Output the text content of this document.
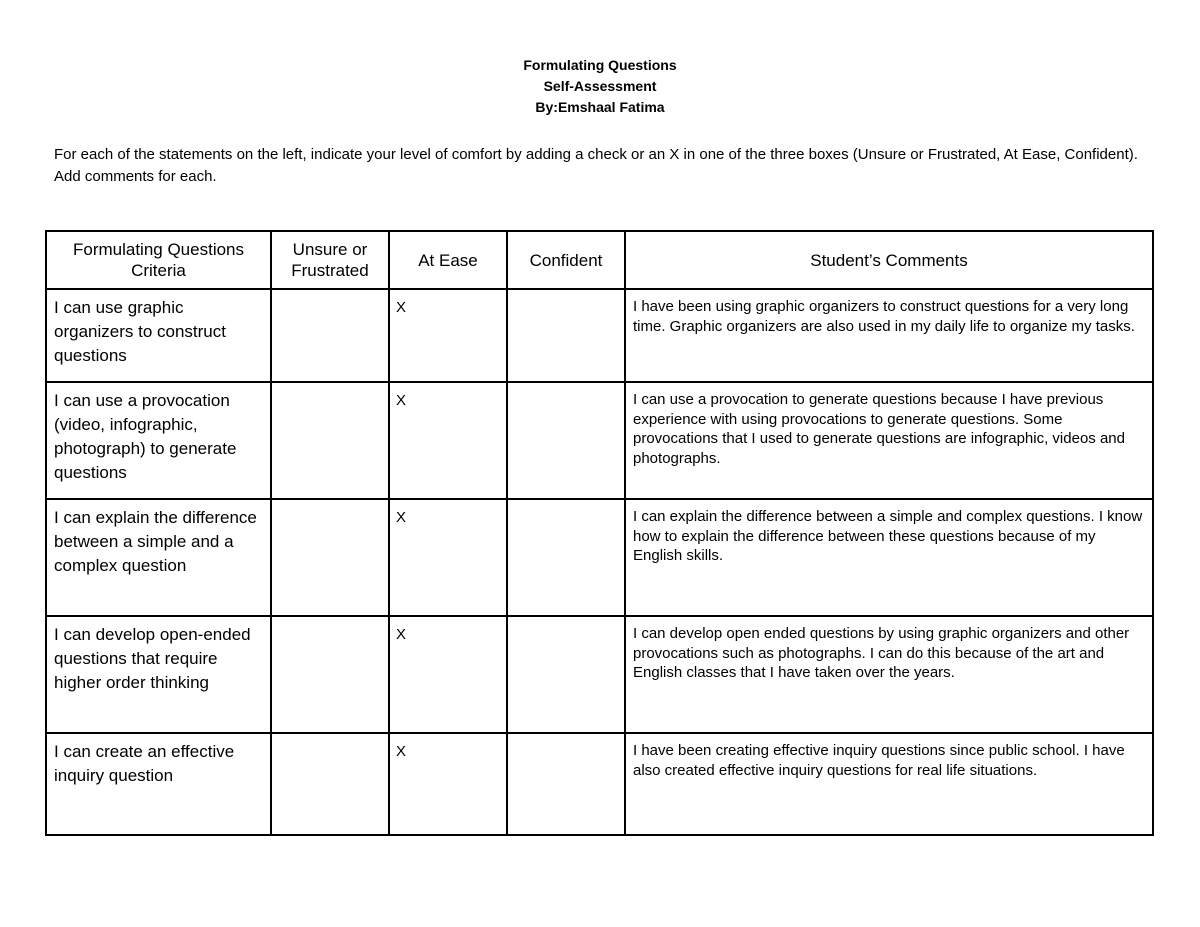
Formulating Questions
Self-Assessment
By:Emshaal Fatima
For each of the statements on the left, indicate your level of comfort by adding a check or an X in one of the three boxes (Unsure or Frustrated, At Ease, Confident).
Add comments for each.
Formulating Questions Criteria	Unsure or Frustrated	At Ease	Confident	Student’s Comments
I can use graphic organizers to construct questions		X		I have been using graphic organizers to construct questions for a very long time. Graphic organizers are also used in my daily life to organize my tasks.
I can use a provocation (video, infographic, photograph) to generate questions		X		I can use a provocation to generate questions because I have previous experience with using provocations to generate questions. Some provocations that I used to generate questions are infographic, videos and photographs.
I can explain the difference between a simple and a complex question		X		I can explain the difference between a simple and complex questions. I know how to explain the difference between these questions because of my English skills.
I can develop open-ended questions that require higher order thinking		X		I can develop open ended questions by using graphic organizers and other provocations such as photographs. I can do this because of the art and English classes that I have taken over the years.
I can create an effective inquiry question		X		I have been creating effective inquiry questions since public school. I have also created effective inquiry questions for real life situations.
